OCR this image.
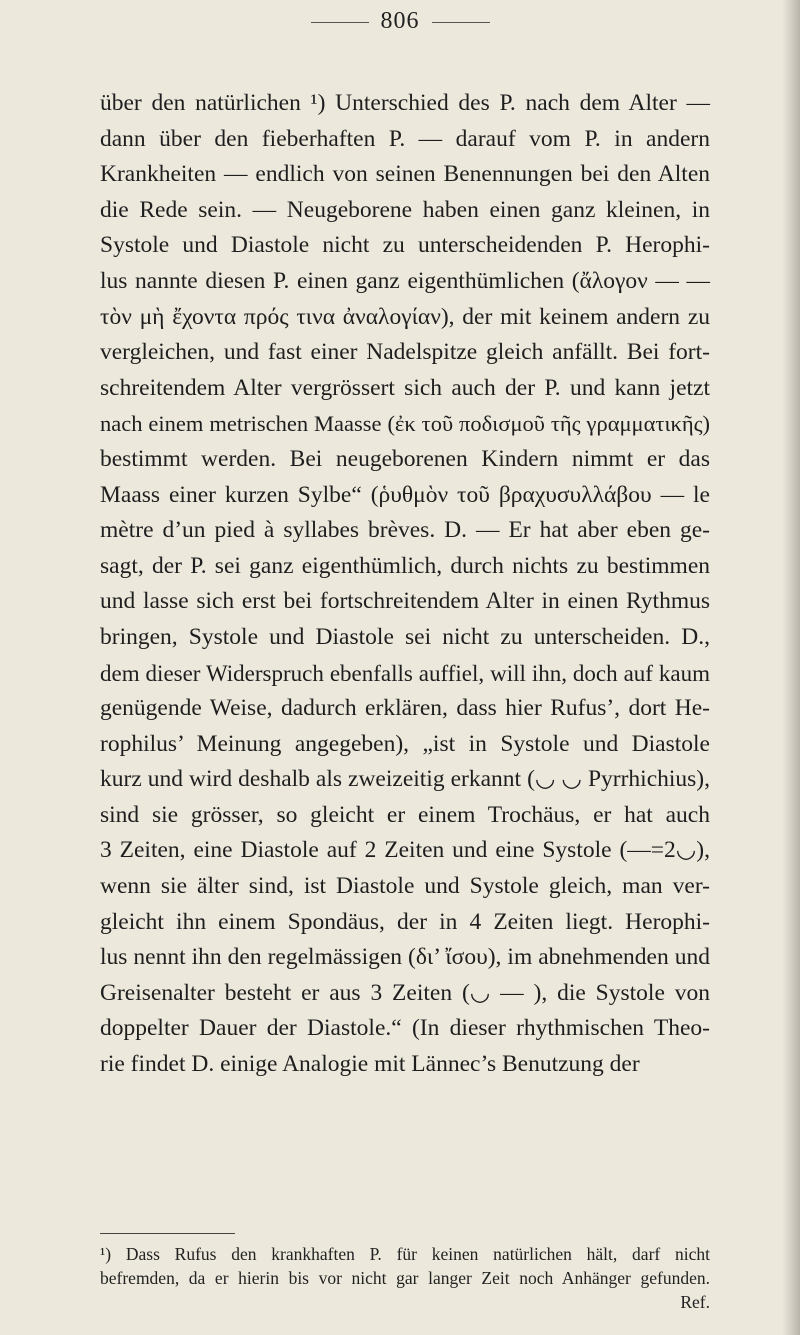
806
über den natürlichen ¹) Unterschied des P. nach dem Alter —
dann über den fieberhaften P. — darauf vom P. in andern
Krankheiten — endlich von seinen Benennungen bei den Alten
die Rede sein. — Neugeborene haben einen ganz kleinen, in
Systole und Diastole nicht zu unterscheidenden P. Herophi-
lus nannte diesen P. einen ganz eigenthümlichen (ἄλογον — —
τὸν μὴ ἔχοντα πρός τινα ἀναλογίαν), der mit keinem andern zu
vergleichen, und fast einer Nadelspitze gleich anfällt. Bei fort-
schreitendem Alter vergrössert sich auch der P. und kann jetzt
nach einem metrischen Maasse (ἐκ τοῦ ποδισμοῦ τῆς γραμματικῆς)
bestimmt werden. Bei neugeborenen Kindern nimmt er das
Maass einer kurzen Sylbe“ (ῥυθμὸν τοῦ βραχυσυλλάβου — le
mètre d’un pied à syllabes brèves. D. — Er hat aber eben ge-
sagt, der P. sei ganz eigenthümlich, durch nichts zu bestimmen
und lasse sich erst bei fortschreitendem Alter in einen Rythmus
bringen, Systole und Diastole sei nicht zu unterscheiden. D.,
dem dieser Widerspruch ebenfalls auffiel, will ihn, doch auf kaum
genügende Weise, dadurch erklären, dass hier Rufus’, dort He-
rophilus’ Meinung angegeben), „ist in Systole und Diastole
kurz und wird deshalb als zweizeitig erkannt (◡ ◡ Pyrrhichius),
sind sie grösser, so gleicht er einem Trochäus, er hat auch
3 Zeiten, eine Diastole auf 2 Zeiten und eine Systole (—=2◡),
wenn sie älter sind, ist Diastole und Systole gleich, man ver-
gleicht ihn einem Spondäus, der in 4 Zeiten liegt. Herophi-
lus nennt ihn den regelmässigen (δι’ ἴσου), im abnehmenden und
Greisenalter besteht er aus 3 Zeiten (◡ — ), die Systole von
doppelter Dauer der Diastole.“ (In dieser rhythmischen Theo-
rie findet D. einige Analogie mit Lännec’s Benutzung der
¹) Dass Rufus den krankhaften P. für keinen natürlichen hält, darf nicht
befremden, da er hierin bis vor nicht gar langer Zeit noch Anhänger gefunden.
Ref.
